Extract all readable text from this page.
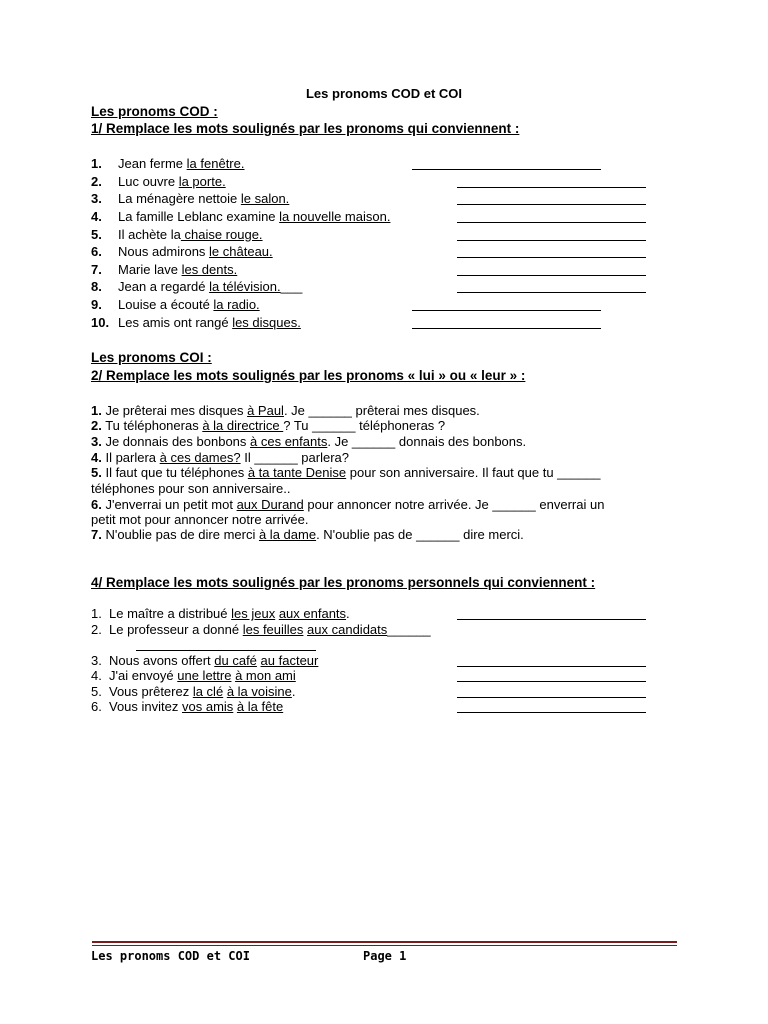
Les pronoms COD et COI
Les pronoms COD :
1/ Remplace les mots soulignés par les pronoms qui conviennent :
1. Jean ferme la fenêtre.
2. Luc ouvre la porte.
3. La ménagère nettoie le salon.
4. La famille Leblanc examine la nouvelle maison.
5. Il achète la chaise rouge.
6. Nous admirons le château.
7. Marie lave les dents.
8. Jean a regardé la télévision.___
9. Louise a écouté la radio.
10. Les amis ont rangé les disques.
Les pronoms COI :
2/ Remplace les mots soulignés par les pronoms « lui » ou « leur » :
1. Je prêterai mes disques à Paul. Je ______ prêterai mes disques.
2. Tu téléphoneras à la directrice ? Tu ______ téléphoneras ?
3. Je donnais des bonbons à ces enfants. Je ______ donnais des bonbons.
4. Il parlera à ces dames? Il ______ parlera?
5. Il faut que tu téléphones à ta tante Denise pour son anniversaire. Il faut que tu ______
téléphones pour son anniversaire..
6. J'enverrai un petit mot aux Durand pour annoncer notre arrivée. Je ______ enverrai un
petit mot pour annoncer notre arrivée.
7. N'oublie pas de dire merci à la dame. N'oublie pas de ______ dire merci.
4/ Remplace les mots soulignés par les pronoms personnels qui conviennent :
1. Le maître a distribué les jeux aux enfants.
2. Le professeur a donné les feuilles aux candidats______
3. Nous avons offert du café au facteur
4. J'ai envoyé une lettre à mon ami
5. Vous prêterez la clé à la voisine.
6. Vous invitez vos amis à la fête
Les pronoms COD et COI	Page 1
